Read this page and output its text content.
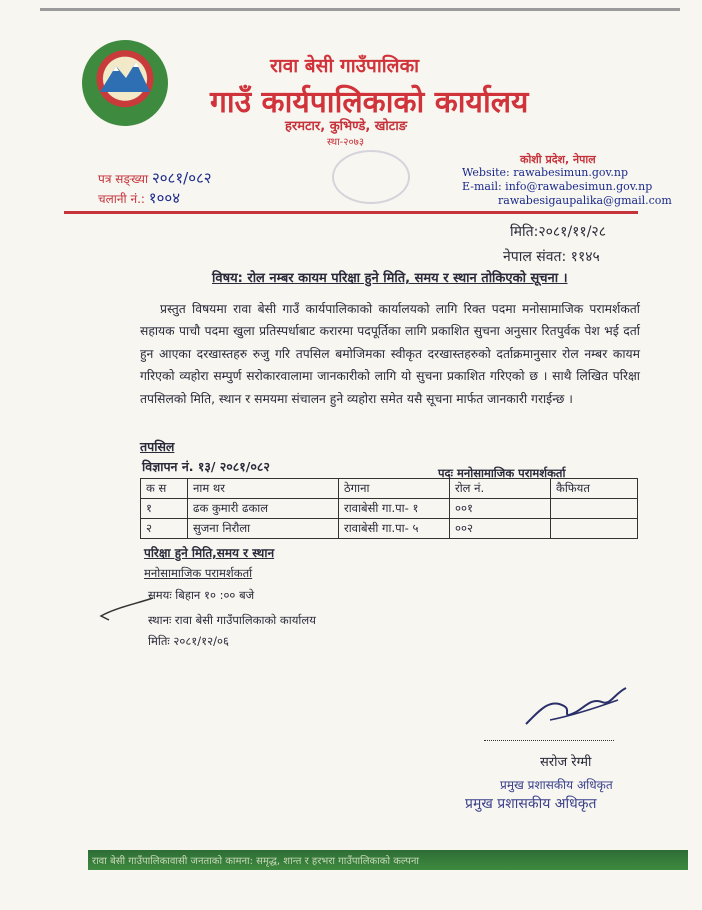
रावा बेसी गाउँपालिका
गाउँ कार्यपालिकाको कार्यालय
हरमटार, कुभिण्डे, खोटाङ
स्था-२०७३
कोशी प्रदेश, नेपाल
पत्र सङ्ख्या २०८१/०८२
चलानी नं.: १००४
Website: rawabesimun.gov.np
E-mail: info@rawabesimun.gov.np
rawabesigaupalika@gmail.com
मिति:२०८१/११/२८
नेपाल संवत: ११४५
विषय: रोल नम्बर कायम परिक्षा हुने मिति, समय र स्थान तोकिएको सूचना ।
प्रस्तुत विषयमा रावा बेसी गाउँ कार्यपालिकाको कार्यालयको लागि रिक्त पदमा मनोसामाजिक परामर्शकर्ता सहायक पाचौ पदमा खुला प्रतिस्पर्धाबाट करारमा पदपूर्तिका लागि प्रकाशित सुचना अनुसार रितपुर्वक पेश भई दर्ता हुन आएका दरखास्तहरु रुजु गरि तपसिल बमोजिमका स्वीकृत दरखास्तहरुको दर्ताक्रमानुसार रोल नम्बर कायम गरिएको व्यहोरा सम्पुर्ण सरोकारवालामा जानकारीको लागि यो सुचना प्रकाशित गरिएको छ । साथै लिखित परिक्षा तपसिलको मिति, स्थान र समयमा संचालन हुने व्यहोरा समेत यसै सूचना मार्फत जानकारी गराईन्छ ।
तपसिल
विज्ञापन नं. १३/ २०८१/०८२	पदः मनोसामाजिक परामर्शकर्ता
क स	नाम थर	ठेगाना	रोल नं.	कैफियत
१	ढक कुमारी ढकाल	रावाबेसी गा.पा- १	००१	
२	सुजना निरौला	रावाबेसी गा.पा- ५	००२	
परिक्षा हुने मिति,समय र स्थान
मनोसामाजिक परामर्शकर्ता
समयः बिहान १० :०० बजे
स्थानः रावा बेसी गाउँपालिकाको कार्यालय
मितिः २०८१/१२/०६
सरोज रेग्मी
प्रमुख प्रशासकीय अधिकृत
प्रमुख प्रशासकीय अधिकृत
रावा बेसी गाउँपालिकावासी जनताको कामना: समृद्ध, शान्त र हरभरा गाउँपालिकाको कल्पना
